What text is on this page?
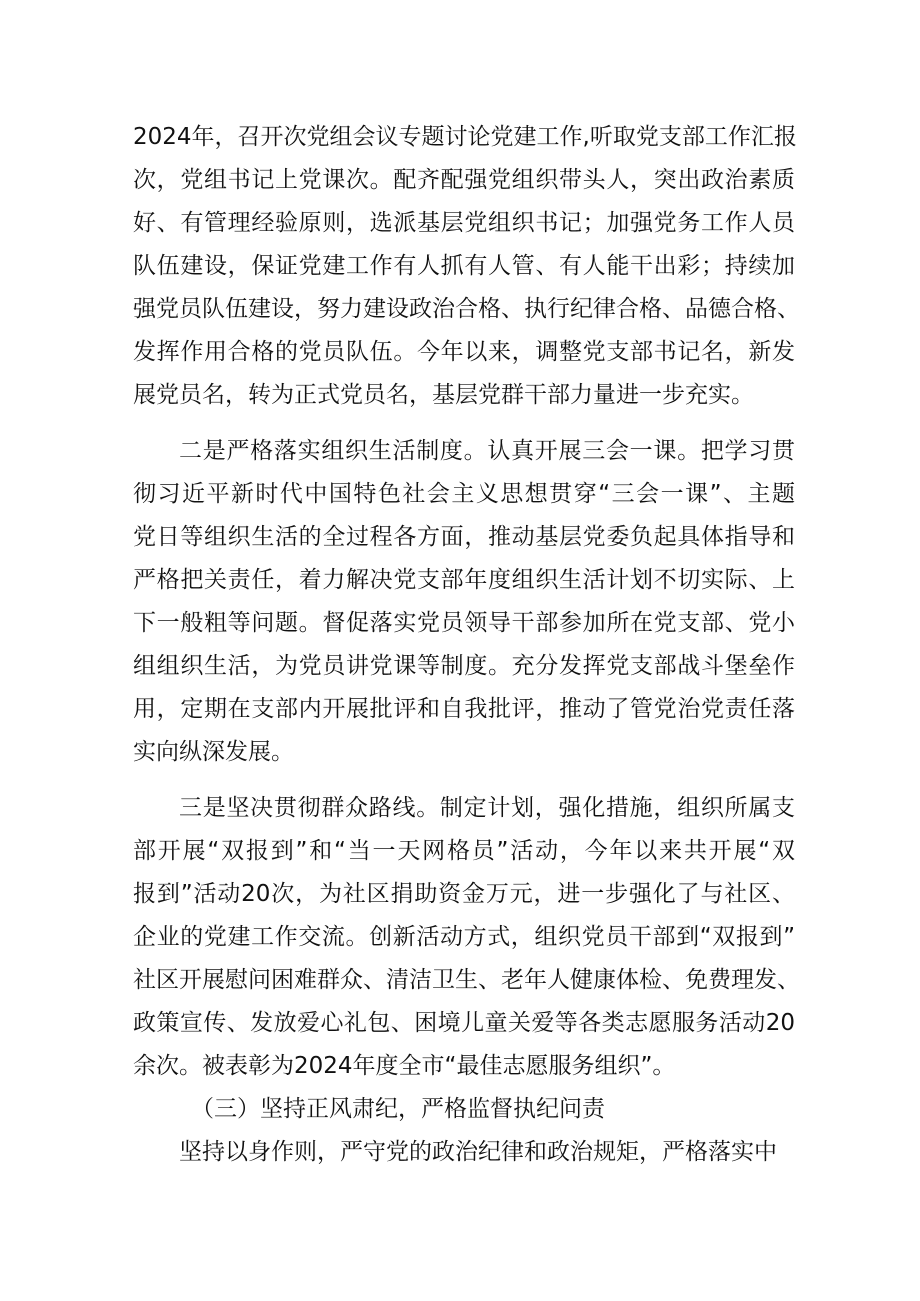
2024年，召开次党组会议专题讨论党建工作,听取党支部工作汇报
次，党组书记上党课次。配齐配强党组织带头人，突出政治素质
好、有管理经验原则，选派基层党组织书记；加强党务工作人员
队伍建设，保证党建工作有人抓有人管、有人能干出彩；持续加
强党员队伍建设，努力建设政治合格、执行纪律合格、品德合格、
发挥作用合格的党员队伍。今年以来，调整党支部书记名，新发
展党员名，转为正式党员名，基层党群干部力量进一步充实。
二是严格落实组织生活制度。认真开展三会一课。把学习贯
彻习近平新时代中国特色社会主义思想贯穿“三会一课”、主题
党日等组织生活的全过程各方面，推动基层党委负起具体指导和
严格把关责任，着力解决党支部年度组织生活计划不切实际、上
下一般粗等问题。督促落实党员领导干部参加所在党支部、党小
组组织生活，为党员讲党课等制度。充分发挥党支部战斗堡垒作
用，定期在支部内开展批评和自我批评，推动了管党治党责任落
实向纵深发展。
三是坚决贯彻群众路线。制定计划，强化措施，组织所属支
部开展“双报到”和“当一天网格员”活动，今年以来共开展“双
报到”活动20次，为社区捐助资金万元，进一步强化了与社区、
企业的党建工作交流。创新活动方式，组织党员干部到“双报到”
社区开展慰问困难群众、清洁卫生、老年人健康体检、免费理发、
政策宣传、发放爱心礼包、困境儿童关爱等各类志愿服务活动20
余次。被表彰为2024年度全市“最佳志愿服务组织”。
（三）坚持正风肃纪，严格监督执纪问责
坚持以身作则，严守党的政治纪律和政治规矩，严格落实中
